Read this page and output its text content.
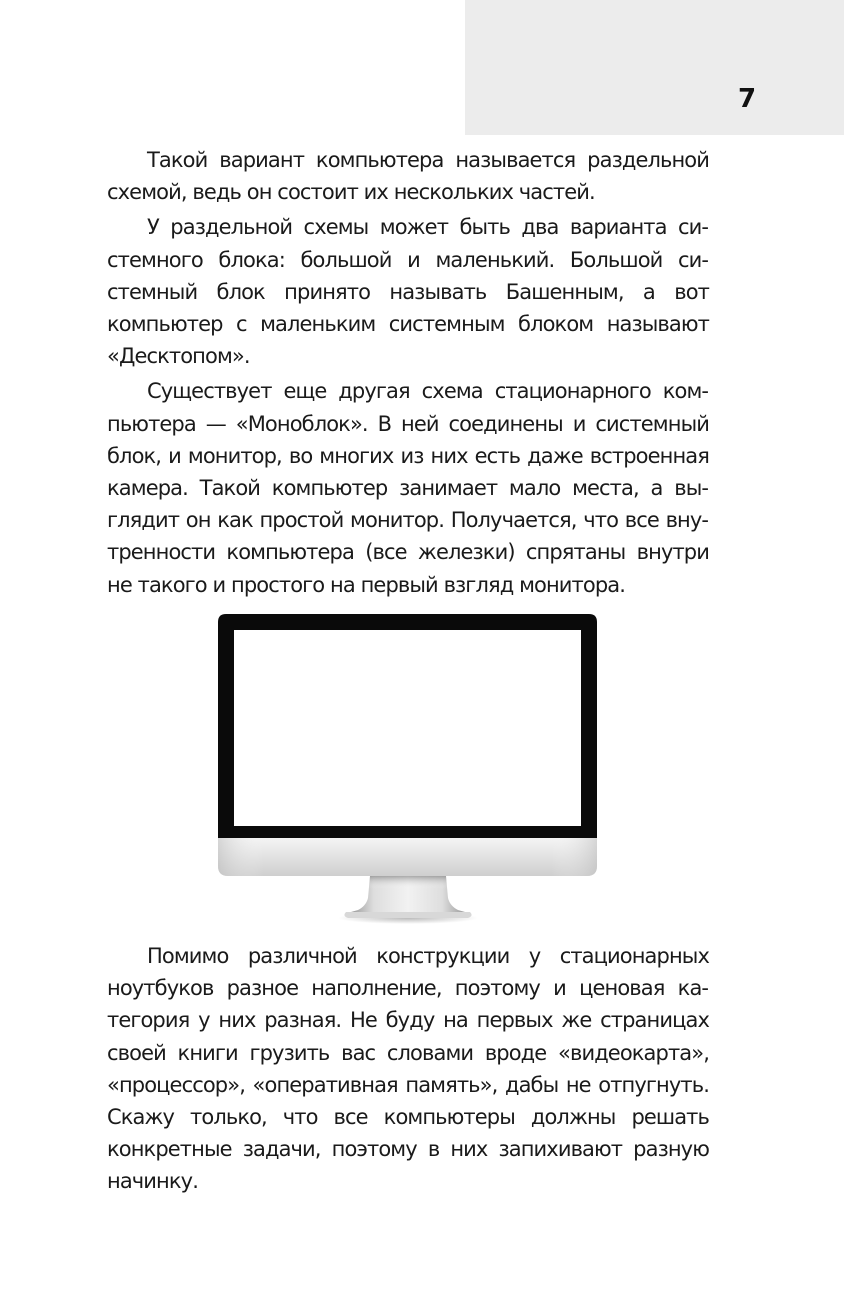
7

Такой вариант компьютера называется раздельной схемой, ведь он состоит их нескольких частей.

У раздельной схемы может быть два варианта системного блока: большой и маленький. Большой системный блок принято называть Башенным, а вот компьютер с маленьким системным блоком называют «Десктопом».

Существует еще другая схема стационарного компьютера — «Моноблок». В ней соединены и системный блок, и монитор, во многих из них есть даже встроенная камера. Такой компьютер занимает мало места, а выглядит он как простой монитор. Получается, что все внутренности компьютера (все железки) спрятаны внутри не такого и простого на первый взгляд монитора.

Помимо различной конструкции у стационарных ноутбуков разное наполнение, поэтому и ценовая категория у них разная. Не буду на первых же страницах своей книги грузить вас словами вроде «видеокарта», «процессор», «оперативная память», дабы не отпугнуть. Скажу только, что все компьютеры должны решать конкретные задачи, поэтому в них запихивают разную начинку.
